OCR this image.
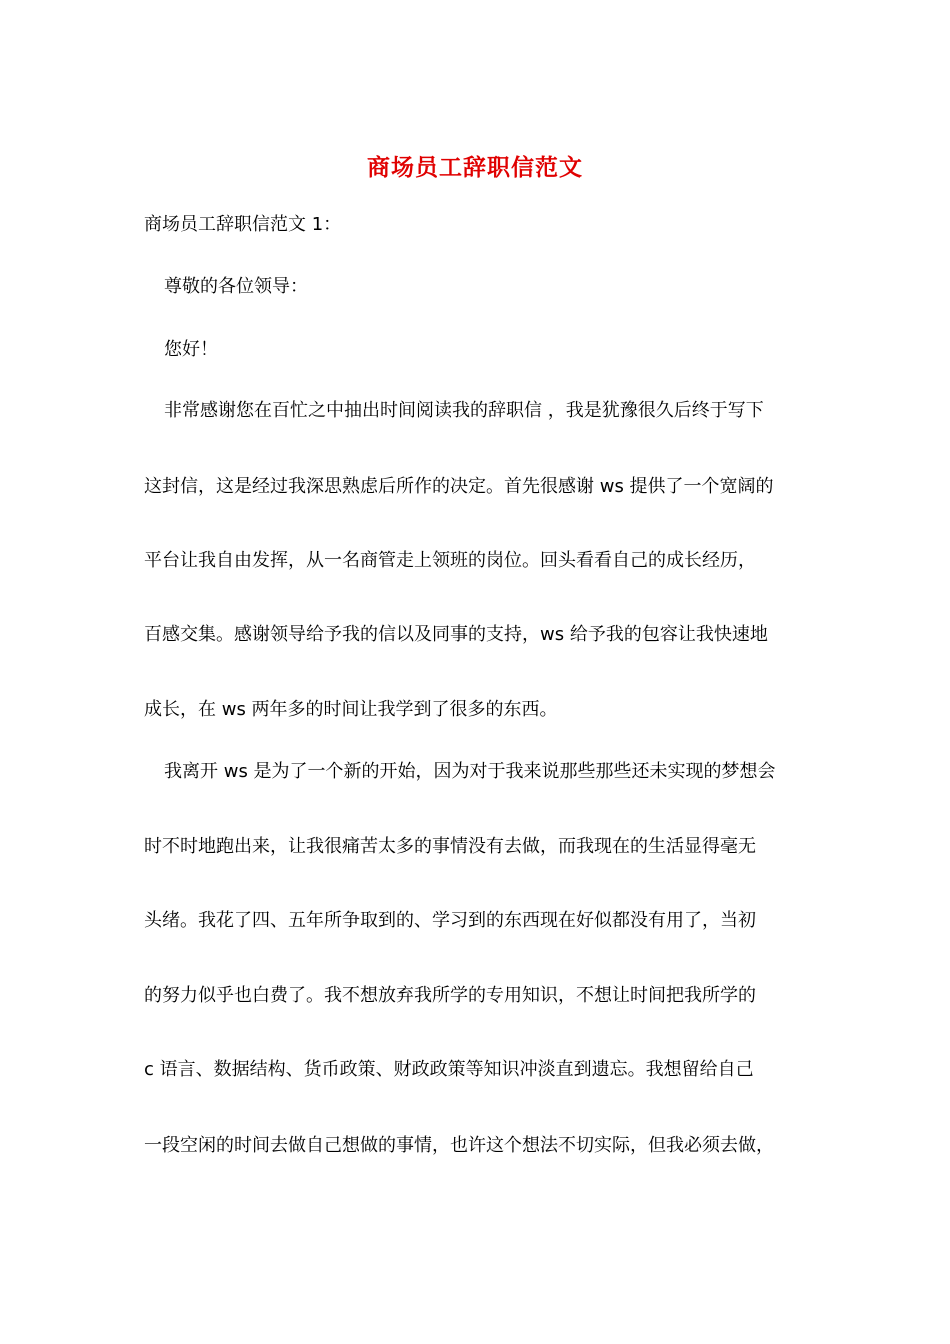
商场员工辞职信范文
商场员工辞职信范文 1：
尊敬的各位领导：
您好！
非常感谢您在百忙之中抽出时间阅读我的辞职信 ，我是犹豫很久后终于写下
这封信，这是经过我深思熟虑后所作的决定。首先很感谢 ws 提供了一个宽阔的
平台让我自由发挥，从一名商管走上领班的岗位。回头看看自己的成长经历，
百感交集。感谢领导给予我的信以及同事的支持，ws 给予我的包容让我快速地
成长，在 ws 两年多的时间让我学到了很多的东西。
我离开 ws 是为了一个新的开始，因为对于我来说那些那些还未实现的梦想会
时不时地跑出来，让我很痛苦太多的事情没有去做，而我现在的生活显得毫无
头绪。我花了四、五年所争取到的、学习到的东西现在好似都没有用了，当初
的努力似乎也白费了。我不想放弃我所学的专用知识，不想让时间把我所学的
c 语言、数据结构、货币政策、财政政策等知识冲淡直到遗忘。我想留给自己
一段空闲的时间去做自己想做的事情，也许这个想法不切实际，但我必须去做，
